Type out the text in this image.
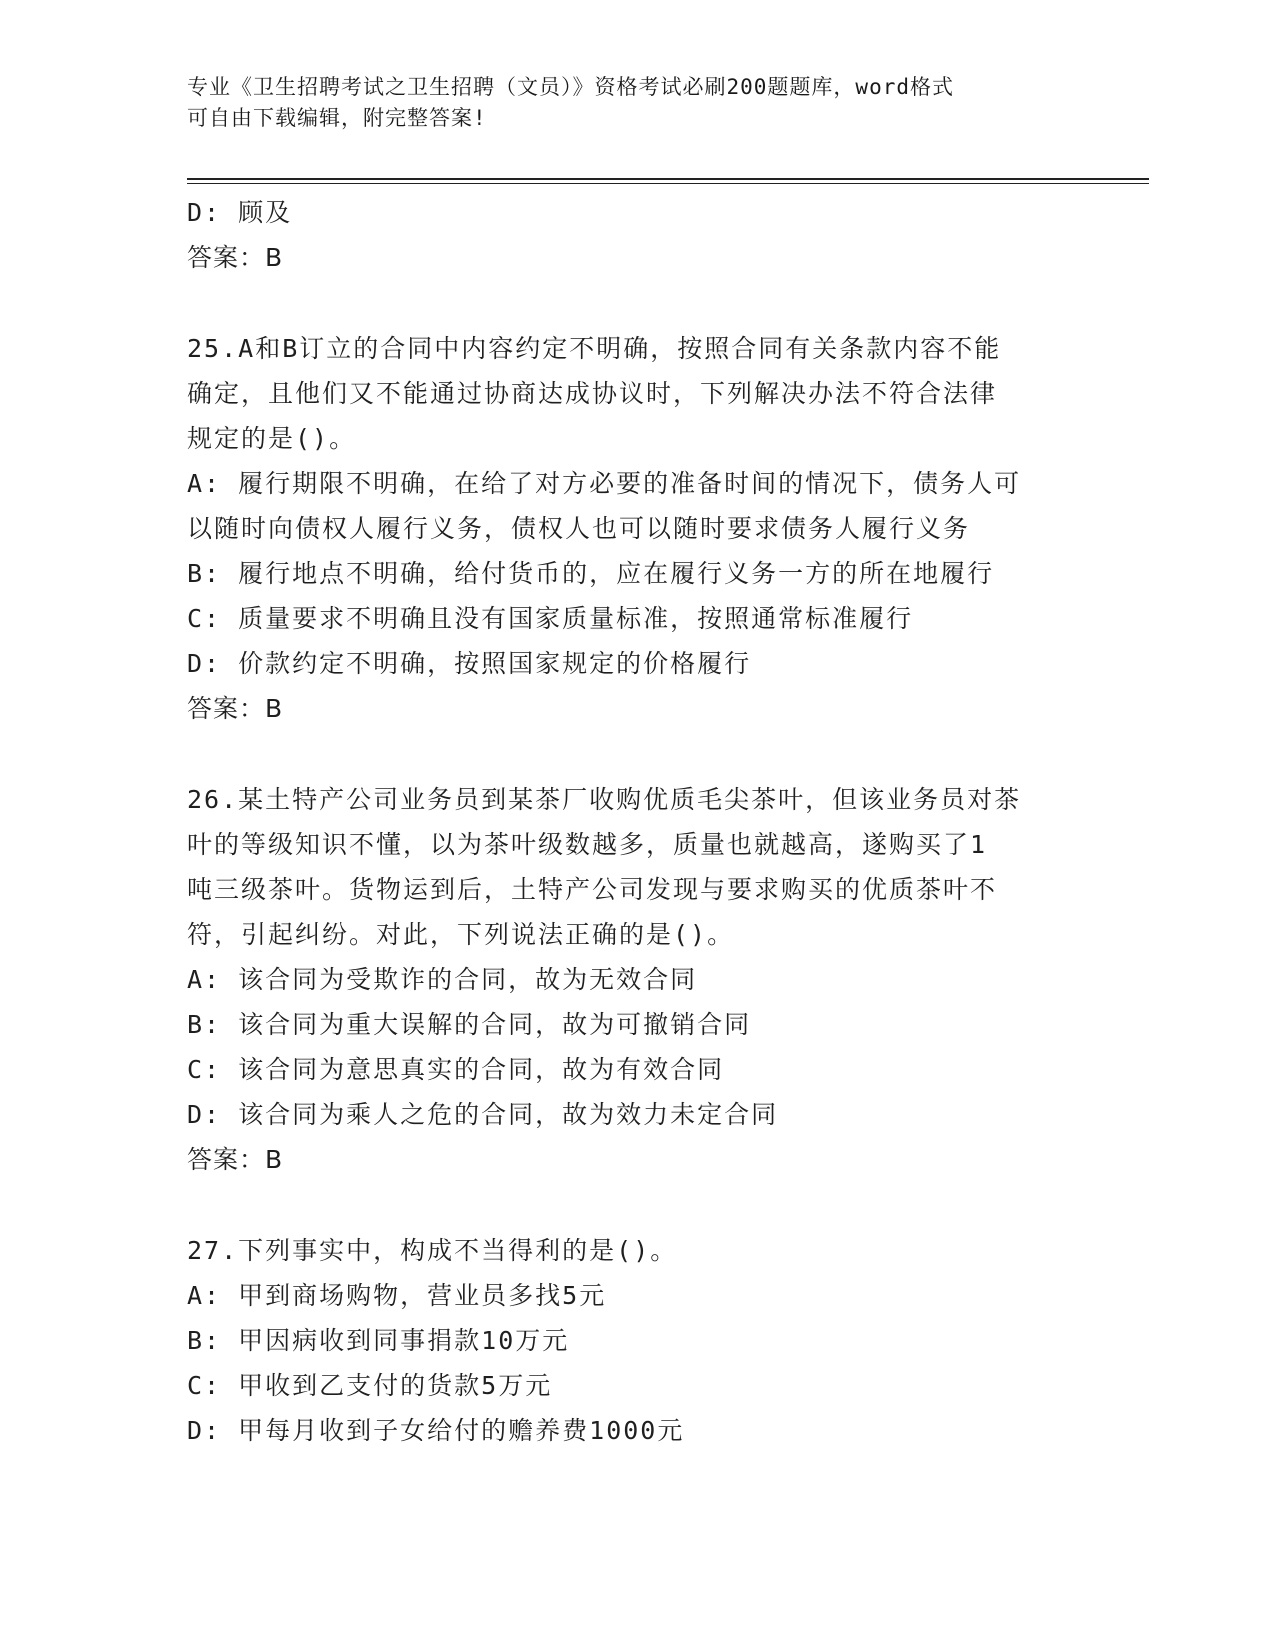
专业《卫生招聘考试之卫生招聘（文员）》资格考试必刷200题题库，word格式
可自由下载编辑，附完整答案!
D: 顾及
答案：B
25.A和B订立的合同中内容约定不明确，按照合同有关条款内容不能
确定，且他们又不能通过协商达成协议时，下列解决办法不符合法律
规定的是()。
A: 履行期限不明确，在给了对方必要的准备时间的情况下，债务人可
以随时向债权人履行义务，债权人也可以随时要求债务人履行义务
B: 履行地点不明确，给付货币的，应在履行义务一方的所在地履行
C: 质量要求不明确且没有国家质量标准，按照通常标准履行
D: 价款约定不明确，按照国家规定的价格履行
答案：B
26.某土特产公司业务员到某茶厂收购优质毛尖茶叶，但该业务员对茶
叶的等级知识不懂，以为茶叶级数越多，质量也就越高，遂购买了1
吨三级茶叶。货物运到后，土特产公司发现与要求购买的优质茶叶不
符，引起纠纷。对此，下列说法正确的是()。
A: 该合同为受欺诈的合同，故为无效合同
B: 该合同为重大误解的合同，故为可撤销合同
C: 该合同为意思真实的合同，故为有效合同
D: 该合同为乘人之危的合同，故为效力未定合同
答案：B
27.下列事实中，构成不当得利的是()。
A: 甲到商场购物，营业员多找5元
B: 甲因病收到同事捐款10万元
C: 甲收到乙支付的货款5万元
D: 甲每月收到子女给付的赡养费1000元
